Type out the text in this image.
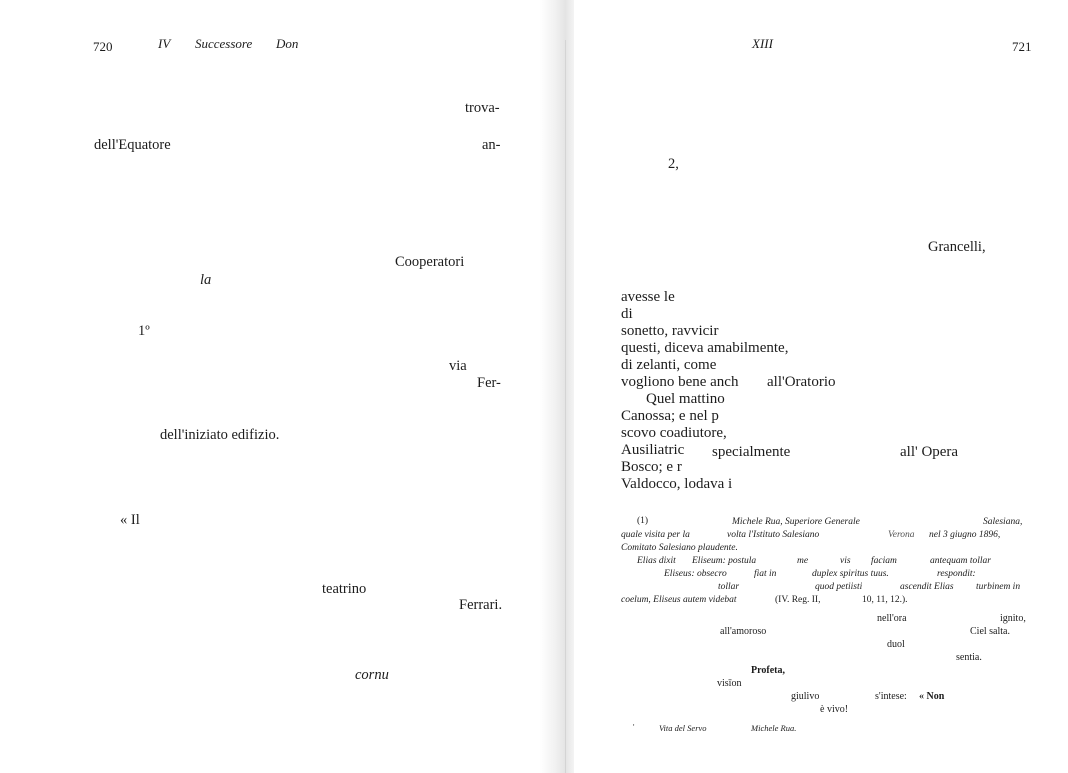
720	IV Successore Don
trova-
dell'Equatore	an-
Cooperatori
la
1º
via
Fer-
dell'iniziato edifizio.
« Il
teatrino
Ferrari.
cornu
XIII	721
2,
Grancelli,
avesse le
di
sonetto, ravvicir
questi, diceva amabilmente,
di zelanti, come
vogliono bene anch all'Oratorio
Quel mattino
Canossa; e nel p
scovo coadiutore,
Ausiliatric specialmente	all' Opera
Bosco; e r
Valdocco, lodava i
(1)	Michele Rua, Superiore Generale	Salesiana,
quale visita per la	volta l'Istituto Salesiano	Verona nel 3 giugno 1896,
Comitato Salesiano plaudente.
Elias dixit Eliseum: postula	me	vis faciam	antequam tollar
Eliseus: obsecro	fiat in	duplex spiritus tuus.	respondit:
tollar	quod petiisti	ascendit Elias turbinem in
coelum, Eliseus autem videbat	(IV. Reg. II,	10, 11, 12.).
nell'ora	ignito,
all'amoroso	Ciel salta.
duol
sentia.
Profeta,
visīon
giulivo	s'intese: « Non
è vivo!
·	Vita del Servo	Michele Rua.
